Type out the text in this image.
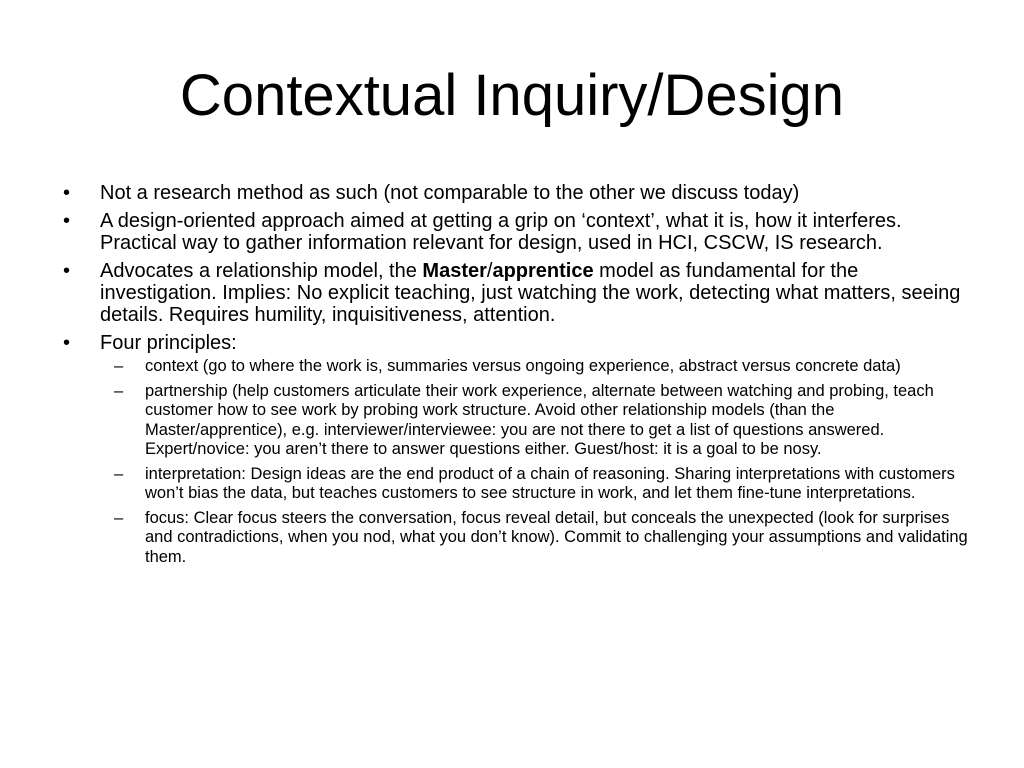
Contextual Inquiry/Design
•	Not a research method as such (not comparable to the other we discuss today)
•	A design-oriented approach aimed at getting a grip on ‘context’, what it is, how it interferes. Practical way to gather information relevant for design, used in HCI, CSCW, IS research.
•	Advocates a relationship model, the Master/apprentice model as fundamental for the investigation. Implies: No explicit teaching, just watching the work, detecting what matters, seeing details. Requires humility, inquisitiveness, attention.
•	Four principles:
– context (go to where the work is, summaries versus ongoing experience, abstract versus concrete data)
– partnership (help customers articulate their work experience, alternate between watching and probing, teach customer how to see work by probing work structure. Avoid other relationship models (than the Master/apprentice), e.g. interviewer/interviewee: you are not there to get a list of questions answered. Expert/novice: you aren’t there to answer questions either. Guest/host: it is a goal to be nosy.
– interpretation: Design ideas are the end product of a chain of reasoning. Sharing interpretations with customers won’t bias the data, but teaches customers to see structure in work, and let them fine-tune interpretations.
– focus: Clear focus steers the conversation, focus reveal detail, but conceals the unexpected (look for surprises and contradictions, when you nod, what you don’t know). Commit to challenging your assumptions and validating them.
